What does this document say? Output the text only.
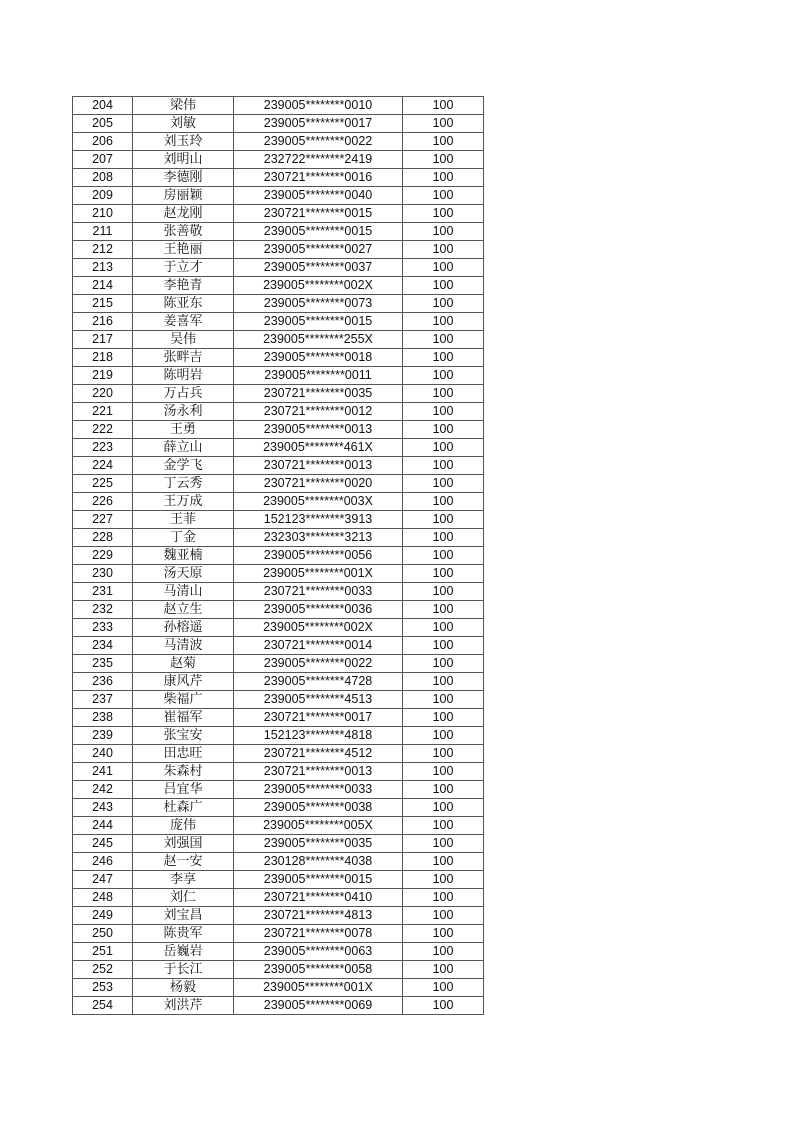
204	梁伟	239005********0010	100
205	刘敏	239005********0017	100
206	刘玉玲	239005********0022	100
207	刘明山	232722********2419	100
208	李德刚	230721********0016	100
209	房丽颖	239005********0040	100
210	赵龙刚	230721********0015	100
211	张善敬	239005********0015	100
212	王艳丽	239005********0027	100
213	于立才	239005********0037	100
214	李艳青	239005********002X	100
215	陈亚东	239005********0073	100
216	姜喜军	239005********0015	100
217	吴伟	239005********255X	100
218	张畔吉	239005********0018	100
219	陈明岩	239005********0011	100
220	万占兵	230721********0035	100
221	汤永利	230721********0012	100
222	王勇	239005********0013	100
223	薛立山	239005********461X	100
224	金学飞	230721********0013	100
225	丁云秀	230721********0020	100
226	王万成	239005********003X	100
227	王菲	152123********3913	100
228	丁金	232303********3213	100
229	魏亚楠	239005********0056	100
230	汤天原	239005********001X	100
231	马清山	230721********0033	100
232	赵立生	239005********0036	100
233	孙榕遥	239005********002X	100
234	马清波	230721********0014	100
235	赵菊	239005********0022	100
236	康风芹	239005********4728	100
237	柴福广	239005********4513	100
238	崔福军	230721********0017	100
239	张宝安	152123********4818	100
240	田忠旺	230721********4512	100
241	朱森村	230721********0013	100
242	吕宜华	239005********0033	100
243	杜森广	239005********0038	100
244	庞伟	239005********005X	100
245	刘强国	239005********0035	100
246	赵一安	230128********4038	100
247	李享	239005********0015	100
248	刘仁	230721********0410	100
249	刘宝昌	230721********4813	100
250	陈贵军	230721********0078	100
251	岳巍岩	239005********0063	100
252	于长江	239005********0058	100
253	杨毅	239005********001X	100
254	刘洪芹	239005********0069	100
